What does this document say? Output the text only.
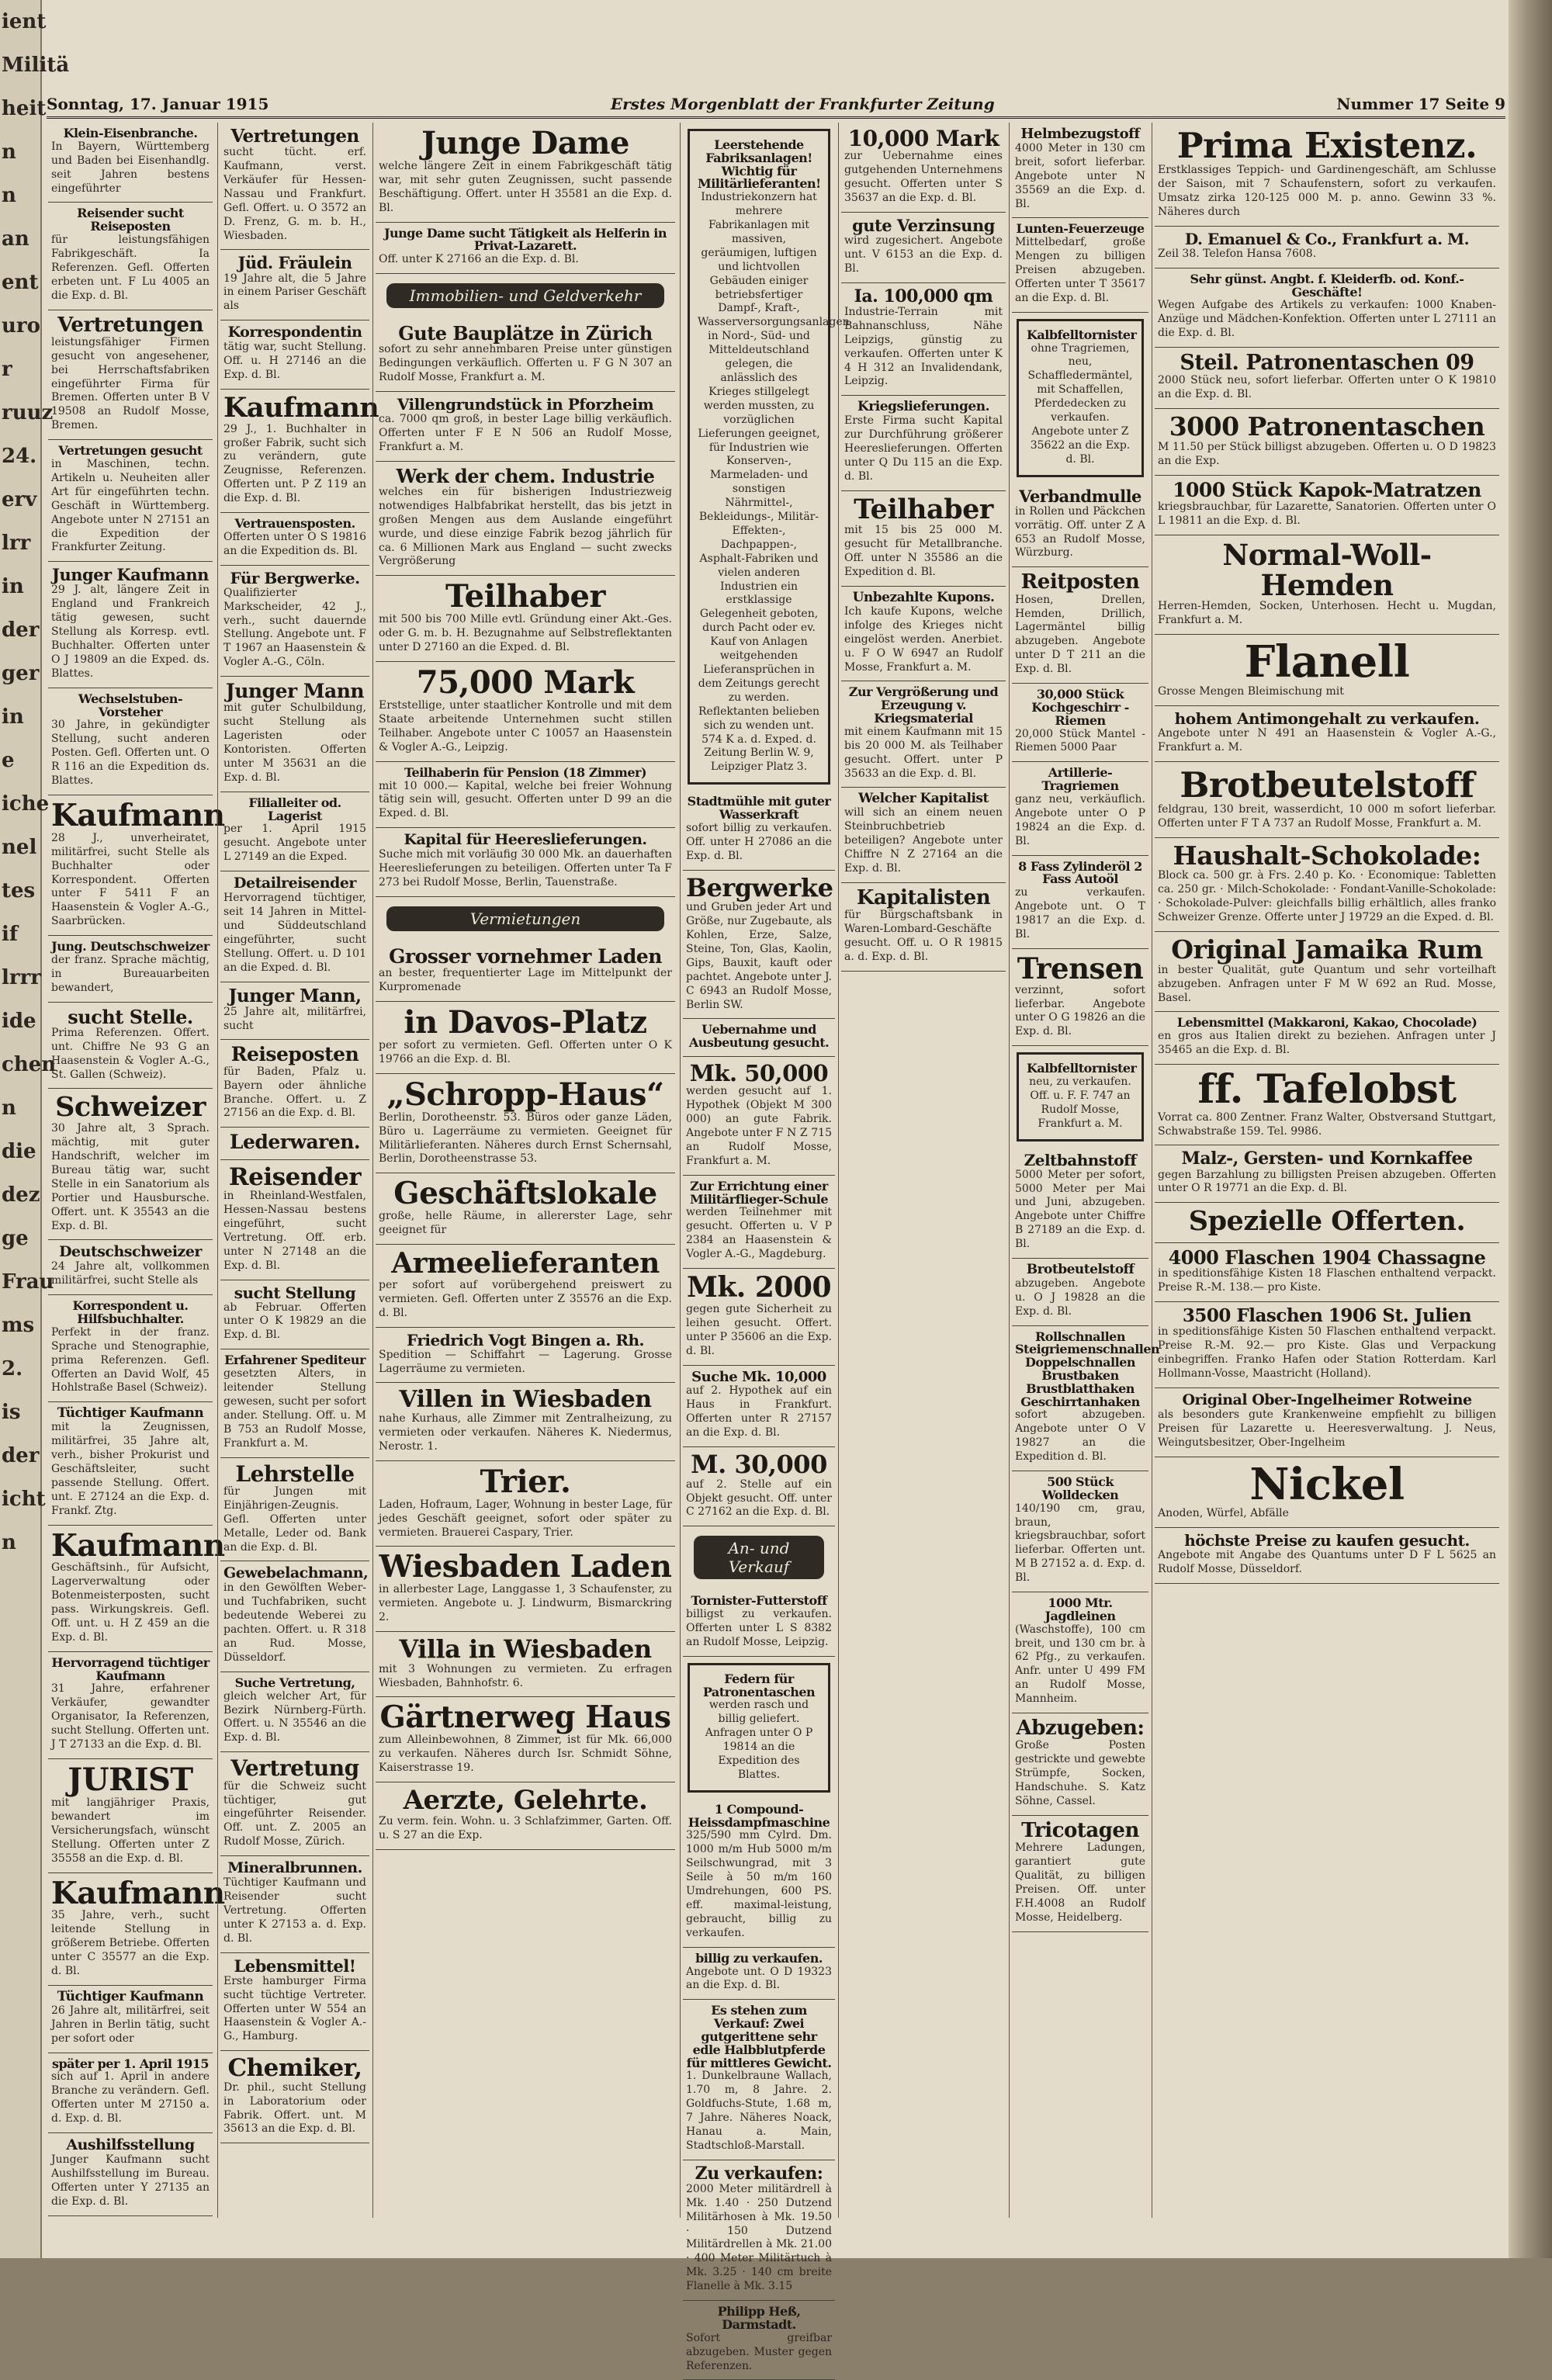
ient
Militä
heit
n
n
an
ent
uro
r
ruuz
24.
erv
lrr
in
der
ger
in
e
iche
nel
tes
if
lrrr
ide
chen
n
die
dez
ge
Frau
ms
2.
is
der
icht
n
Sonntag, 17. Januar 1915	Erstes Morgenblatt der Frankfurter Zeitung	Nummer 17 Seite 9
Klein-Eisenbranche.
In Bayern, Württemberg und Baden bei Eisenhandlg. seit Jahren bestens eingeführter
Reisender sucht Reiseposten
für leistungsfähigen Fabrikgeschäft. Ia Referenzen. Gefl. Offerten erbeten unt. F Lu 4005 an die Exp. d. Bl.
Vertretungen
leistungsfähiger Firmen gesucht von angesehener, bei Herrschaftsfabriken eingeführter Firma für Bremen. Offerten unter B V 19508 an Rudolf Mosse, Bremen.
Vertretungen gesucht
in Maschinen, techn. Artikeln u. Neuheiten aller Art für eingeführten techn. Geschäft in Württemberg. Angebote unter N 27151 an die Expedition der Frankfurter Zeitung.
Junger Kaufmann
29 J. alt, längere Zeit in England und Frankreich tätig gewesen, sucht Stellung als Korresp. evtl. Buchhalter. Offerten unter O J 19809 an die Exped. ds. Blattes.
Wechselstuben-Vorsteher
30 Jahre, in gekündigter Stellung, sucht anderen Posten. Gefl. Offerten unt. O R 116 an die Expedition ds. Blattes.
Kaufmann
28 J., unverheiratet, militärfrei, sucht Stelle als Buchhalter oder Korrespondent. Offerten unter F 5411 F an Haasenstein & Vogler A.-G., Saarbrücken.
Jung. Deutschschweizer
der franz. Sprache mächtig, in Bureauarbeiten bewandert,
sucht Stelle.
Prima Referenzen. Offert. unt. Chiffre Ne 93 G an Haasenstein & Vogler A.-G., St. Gallen (Schweiz).
Schweizer
30 Jahre alt, 3 Sprach. mächtig, mit guter Handschrift, welcher im Bureau tätig war, sucht Stelle in ein Sanatorium als Portier und Hausbursche. Offert. unt. K 35543 an die Exp. d. Bl.
Deutschschweizer
24 Jahre alt, vollkommen militärfrei, sucht Stelle als
Korrespondent u. Hilfsbuchhalter.
Perfekt in der franz. Sprache und Stenographie, prima Referenzen. Gefl. Offerten an David Wolf, 45 Hohlstraße Basel (Schweiz).
Tüchtiger Kaufmann
mit la Zeugnissen, militärfrei, 35 Jahre alt, verh., bisher Prokurist und Geschäftsleiter, sucht passende Stellung. Offert. unt. E 27124 an die Exp. d. Frankf. Ztg.
Kaufmann
Geschäftsinh., für Aufsicht, Lagerverwaltung oder Botenmeisterposten, sucht pass. Wirkungskreis. Gefl. Off. unt. u. H Z 459 an die Exp. d. Bl.
Hervorragend tüchtiger Kaufmann
31 Jahre, erfahrener Verkäufer, gewandter Organisator, Ia Referenzen, sucht Stellung. Offerten unt. J T 27133 an die Exp. d. Bl.
JURIST
mit langjähriger Praxis, bewandert im Versicherungsfach, wünscht Stellung. Offerten unter Z 35558 an die Exp. d. Bl.
Kaufmann
35 Jahre, verh., sucht leitende Stellung in größerem Betriebe. Offerten unter C 35577 an die Exp. d. Bl.
Tüchtiger Kaufmann
26 Jahre alt, militärfrei, seit Jahren in Berlin tätig, sucht per sofort oder
später per 1. April 1915
sich auf 1. April in andere Branche zu verändern. Gefl. Offerten unter M 27150 a. d. Exp. d. Bl.
Aushilfsstellung
Junger Kaufmann sucht Aushilfsstellung im Bureau. Offerten unter Y 27135 an die Exp. d. Bl.
Vertretungen
sucht tücht. erf. Kaufmann, verst. Verkäufer für Hessen-Nassau und Frankfurt. Gefl. Offert. u. O 3572 an D. Frenz, G. m. b. H., Wiesbaden.
Jüd. Fräulein
19 Jahre alt, die 5 Jahre in einem Pariser Geschäft als
Korrespondentin
tätig war, sucht Stellung. Off. u. H 27146 an die Exp. d. Bl.
Kaufmann
29 J., 1. Buchhalter in großer Fabrik, sucht sich zu verändern, gute Zeugnisse, Referenzen. Offerten unt. P Z 119 an die Exp. d. Bl.
Vertrauensposten.
Offerten unter O S 19816 an die Expedition ds. Bl.
Für Bergwerke.
Qualifizierter Markscheider, 42 J., verh., sucht dauernde Stellung. Angebote unt. F T 1967 an Haasenstein & Vogler A.-G., Cöln.
Junger Mann
mit guter Schulbildung, sucht Stellung als Lageristen oder Kontoristen. Offerten unter M 35631 an die Exp. d. Bl.
Filialleiter od. Lagerist
per 1. April 1915 gesucht. Angebote unter L 27149 an die Exped.
Detailreisender
Hervorragend tüchtiger, seit 14 Jahren in Mittel- und Süddeutschland eingeführter, sucht Stellung. Offert. u. D 101 an die Exped. d. Bl.
Junger Mann,
25 Jahre alt, militärfrei, sucht
Reiseposten
für Baden, Pfalz u. Bayern oder ähnliche Branche. Offert. u. Z 27156 an die Exp. d. Bl.
Lederwaren.
Reisender
in Rheinland-Westfalen, Hessen-Nassau bestens eingeführt, sucht Vertretung. Off. erb. unter N 27148 an die Exp. d. Bl.
sucht Stellung
ab Februar. Offerten unter O K 19829 an die Exp. d. Bl.
Erfahrener Spediteur
gesetzten Alters, in leitender Stellung gewesen, sucht per sofort ander. Stellung. Off. u. M B 753 an Rudolf Mosse, Frankfurt a. M.
Lehrstelle
für Jungen mit Einjährigen-Zeugnis. Gefl. Offerten unter Metalle, Leder od. Bank an die Exp. d. Bl.
Gewebelachmann,
in den Gewölften Weber- und Tuchfabriken, sucht bedeutende Weberei zu pachten. Offert. u. R 318 an Rud. Mosse, Düsseldorf.
Suche Vertretung,
gleich welcher Art, für Bezirk Nürnberg-Fürth. Offert. u. N 35546 an die Exp. d. Bl.
Vertretung
für die Schweiz sucht tüchtiger, gut eingeführter Reisender. Off. unt. Z. 2005 an Rudolf Mosse, Zürich.
Mineralbrunnen.
Tüchtiger Kaufmann und Reisender sucht Vertretung. Offerten unter K 27153 a. d. Exp. d. Bl.
Lebensmittel!
Erste hamburger Firma sucht tüchtige Vertreter. Offerten unter W 554 an Haasenstein & Vogler A.-G., Hamburg.
Chemiker,
Dr. phil., sucht Stellung in Laboratorium oder Fabrik. Offert. unt. M 35613 an die Exp. d. Bl.
Junge Dame
welche längere Zeit in einem Fabrikgeschäft tätig war, mit sehr guten Zeugnissen, sucht passende Beschäftigung. Offert. unter H 35581 an die Exp. d. Bl.
Junge Dame sucht Tätigkeit als Helferin in Privat-Lazarett.
Off. unter K 27166 an die Exp. d. Bl.
Immobilien- und Geldverkehr
Gute Bauplätze in Zürich
sofort zu sehr annehmbaren Preise unter günstigen Bedingungen verkäuflich. Offerten u. F G N 307 an Rudolf Mosse, Frankfurt a. M.
Villengrundstück in Pforzheim
ca. 7000 qm groß, in bester Lage billig verkäuflich. Offerten unter F E N 506 an Rudolf Mosse, Frankfurt a. M.
Werk der chem. Industrie
welches ein für bisherigen Industriezweig notwendiges Halbfabrikat herstellt, das bis jetzt in großen Mengen aus dem Auslande eingeführt wurde, und diese einzige Fabrik bezog jährlich für ca. 6 Millionen Mark aus England — sucht zwecks Vergrößerung
Teilhaber
mit 500 bis 700 Mille evtl. Gründung einer Akt.-Ges. oder G. m. b. H. Bezugnahme auf Selbstreflektanten unter D 27160 an die Exped. d. Bl.
75,000 Mark
Erststellige, unter staatlicher Kontrolle und mit dem Staate arbeitende Unternehmen sucht stillen Teilhaber. Angebote unter C 10057 an Haasenstein & Vogler A.-G., Leipzig.
Teilhaberin für Pension (18 Zimmer)
mit 10 000.— Kapital, welche bei freier Wohnung tätig sein will, gesucht. Offerten unter D 99 an die Exped. d. Bl.
Kapital für Heereslieferungen.
Suche mich mit vorläufig 30 000 Mk. an dauerhaften Heereslieferungen zu beteiligen. Offerten unter Ta F 273 bei Rudolf Mosse, Berlin, Tauenstraße.
Vermietungen
Grosser vornehmer Laden
an bester, frequentierter Lage im Mittelpunkt der Kurpromenade
in Davos-Platz
per sofort zu vermieten. Gefl. Offerten unter O K 19766 an die Exp. d. Bl.
„Schropp-Haus“
Berlin, Dorotheenstr. 53. Büros oder ganze Läden, Büro u. Lagerräume zu vermieten. Geeignet für Militärlieferanten. Näheres durch Ernst Schernsahl, Berlin, Dorotheenstrasse 53.
Geschäftslokale
große, helle Räume, in allererster Lage, sehr geeignet für
Armeelieferanten
per sofort auf vorübergehend preiswert zu vermieten. Gefl. Offerten unter Z 35576 an die Exp. d. Bl.
Friedrich Vogt Bingen a. Rh.
Spedition — Schiffahrt — Lagerung. Grosse Lagerräume zu vermieten.
Villen in Wiesbaden
nahe Kurhaus, alle Zimmer mit Zentralheizung, zu vermieten oder verkaufen. Näheres K. Niedermus, Nerostr. 1.
Trier.
Laden, Hofraum, Lager, Wohnung in bester Lage, für jedes Geschäft geeignet, sofort oder später zu vermieten. Brauerei Caspary, Trier.
Wiesbaden Laden
in allerbester Lage, Langgasse 1, 3 Schaufenster, zu vermieten. Angebote u. J. Lindwurm, Bismarckring 2.
Villa in Wiesbaden
mit 3 Wohnungen zu vermieten. Zu erfragen Wiesbaden, Bahnhofstr. 6.
Gärtnerweg Haus
zum Alleinbewohnen, 8 Zimmer, ist für Mk. 66,000 zu verkaufen. Näheres durch Isr. Schmidt Söhne, Kaiserstrasse 19.
Aerzte, Gelehrte.
Zu verm. fein. Wohn. u. 3 Schlafzimmer, Garten. Off. u. S 27 an die Exp.
Leerstehende Fabriksanlagen! Wichtig für Militärlieferanten!
Industriekonzern hat mehrere Fabrikanlagen mit massiven, geräumigen, luftigen und lichtvollen Gebäuden einiger betriebsfertiger Dampf-, Kraft-, Wasserversorgungsanlagen in Nord-, Süd- und Mitteldeutschland gelegen, die anlässlich des Krieges stillgelegt werden mussten, zu vorzüglichen Lieferungen geeignet, für Industrien wie Konserven-, Marmeladen- und sonstigen Nährmittel-, Bekleidungs-, Militär-Effekten-, Dachpappen-, Asphalt-Fabriken und vielen anderen Industrien ein erstklassige Gelegenheit geboten, durch Pacht oder ev. Kauf von Anlagen weitgehenden Lieferansprüchen in dem Zeitungs gerecht zu werden. Reflektanten belieben sich zu wenden unt. 574 K a. d. Exped. d. Zeitung Berlin W. 9, Leipziger Platz 3.
Stadtmühle mit guter Wasserkraft
sofort billig zu verkaufen. Off. unter H 27086 an die Exp. d. Bl.
Bergwerke
und Gruben jeder Art und Größe, nur Zugebaute, als Kohlen, Erze, Salze, Steine, Ton, Glas, Kaolin, Gips, Bauxit, kauft oder pachtet. Angebote unter J. C 6943 an Rudolf Mosse, Berlin SW.
Uebernahme und Ausbeutung gesucht.
Mk. 50,000
werden gesucht auf 1. Hypothek (Objekt M 300 000) an gute Fabrik. Angebote unter F N Z 715 an Rudolf Mosse, Frankfurt a. M.
Zur Errichtung einer Militärflieger-Schule
werden Teilnehmer mit gesucht. Offerten u. V P 2384 an Haasenstein & Vogler A.-G., Magdeburg.
Mk. 2000
gegen gute Sicherheit zu leihen gesucht. Offert. unter P 35606 an die Exp. d. Bl.
Suche Mk. 10,000
auf 2. Hypothek auf ein Haus in Frankfurt. Offerten unter R 27157 an die Exp. d. Bl.
M. 30,000
auf 2. Stelle auf ein Objekt gesucht. Off. unter C 27162 an die Exp. d. Bl.
An- und Verkauf
Tornister-Futterstoff
billigst zu verkaufen. Offerten unter L S 8382 an Rudolf Mosse, Leipzig.
Federn für Patronentaschen
werden rasch und billig geliefert. Anfragen unter O P 19814 an die Expedition des Blattes.
1 Compound-Heissdampfmaschine
325/590 mm Cylrd. Dm. 1000 m/m Hub 5000 m/m Seilschwungrad, mit 3 Seile à 50 m/m 160 Umdrehungen, 600 PS. eff. maximal-leistung, gebraucht, billig zu verkaufen.
billig zu verkaufen.
Angebote unt. O D 19323 an die Exp. d. Bl.
Es stehen zum Verkauf: Zwei gutgerittene sehr edle Halbblutpferde für mittleres Gewicht.
1. Dunkelbraune Wallach, 1.70 m, 8 Jahre. 2. Goldfuchs-Stute, 1.68 m, 7 Jahre. Näheres Noack, Hanau a. Main, Stadtschloß-Marstall.
Zu verkaufen:
2000 Meter militärdrell à Mk. 1.40 · 250 Dutzend Militärhosen à Mk. 19.50 · 150 Dutzend Militärdrellen à Mk. 21.00 · 400 Meter Militärtuch à Mk. 3.25 · 140 cm breite Flanelle à Mk. 3.15
Philipp Heß, Darmstadt.
Sofort greifbar abzugeben. Muster gegen Referenzen.
10,000 Mark
zur Uebernahme eines gutgehenden Unternehmens gesucht. Offerten unter S 35637 an die Exp. d. Bl.
gute Verzinsung
wird zugesichert. Angebote unt. V 6153 an die Exp. d. Bl.
Ia. 100,000 qm
Industrie-Terrain mit Bahnanschluss, Nähe Leipzigs, günstig zu verkaufen. Offerten unter K 4 H 312 an Invalidendank, Leipzig.
Kriegslieferungen.
Erste Firma sucht Kapital zur Durchführung größerer Heereslieferungen. Offerten unter Q Du 115 an die Exp. d. Bl.
Teilhaber
mit 15 bis 25 000 M. gesucht für Metallbranche. Off. unter N 35586 an die Expedition d. Bl.
Unbezahlte Kupons.
Ich kaufe Kupons, welche infolge des Krieges nicht eingelöst werden. Anerbiet. u. F O W 6947 an Rudolf Mosse, Frankfurt a. M.
Zur Vergrößerung und Erzeugung v. Kriegsmaterial
mit einem Kaufmann mit 15 bis 20 000 M. als Teilhaber gesucht. Offert. unter P 35633 an die Exp. d. Bl.
Welcher Kapitalist
will sich an einem neuen Steinbruchbetrieb beteiligen? Angebote unter Chiffre N Z 27164 an die Exp. d. Bl.
Kapitalisten
für Bürgschaftsbank in Waren-Lombard-Geschäfte gesucht. Off. u. O R 19815 a. d. Exp. d. Bl.
Helmbezugstoff
4000 Meter in 130 cm breit, sofort lieferbar. Angebote unter N 35569 an die Exp. d. Bl.
Lunten-Feuerzeuge
Mittelbedarf, große Mengen zu billigen Preisen abzugeben. Offerten unter T 35617 an die Exp. d. Bl.
Kalbfelltornister
ohne Tragriemen, neu, Schaffledermäntel, mit Schaffellen, Pferdedecken zu verkaufen. Angebote unter Z 35622 an die Exp. d. Bl.
Verbandmulle
in Rollen und Päckchen vorrätig. Off. unter Z A 653 an Rudolf Mosse, Würzburg.
Reitposten
Hosen, Drellen, Hemden, Drillich, Lagermäntel billig abzugeben. Angebote unter D T 211 an die Exp. d. Bl.
30,000 Stück Kochgeschirr - Riemen
20,000 Stück Mantel - Riemen 5000 Paar
Artillerie-Tragriemen
ganz neu, verkäuflich. Angebote unter O P 19824 an die Exp. d. Bl.
8 Fass Zylinderöl 2 Fass Autoöl
zu verkaufen. Angebote unt. O T 19817 an die Exp. d. Bl.
Trensen
verzinnt, sofort lieferbar. Angebote unter O G 19826 an die Exp. d. Bl.
Kalbfelltornister
neu, zu verkaufen. Off. u. F. F. 747 an Rudolf Mosse, Frankfurt a. M.
Zeltbahnstoff
5000 Meter per sofort, 5000 Meter per Mai und Juni, abzugeben. Angebote unter Chiffre B 27189 an die Exp. d. Bl.
Brotbeutelstoff
abzugeben. Angebote u. O J 19828 an die Exp. d. Bl.
Rollschnallen Steigriemenschnallen Doppelschnallen Brustbaken Brustblatthaken Geschirrtanhaken
sofort abzugeben. Angebote unter O V 19827 an die Expedition d. Bl.
500 Stück Wolldecken
140/190 cm, grau, braun, kriegsbrauchbar, sofort lieferbar. Offerten unt. M B 27152 a. d. Exp. d. Bl.
1000 Mtr. Jagdleinen
(Waschstoffe), 100 cm breit, und 130 cm br. à 62 Pfg., zu verkaufen. Anfr. unter U 499 FM an Rudolf Mosse, Mannheim.
Abzugeben:
Große Posten gestrickte und gewebte Strümpfe, Socken, Handschuhe. S. Katz Söhne, Cassel.
Tricotagen
Mehrere Ladungen, garantiert gute Qualität, zu billigen Preisen. Off. unter F.H.4008 an Rudolf Mosse, Heidelberg.
Prima Existenz.
Erstklassiges Teppich- und Gardinengeschäft, am Schlusse der Saison, mit 7 Schaufenstern, sofort zu verkaufen. Umsatz zirka 120-125 000 M. p. anno. Gewinn 33 %. Näheres durch
D. Emanuel & Co., Frankfurt a. M.
Zeil 38. Telefon Hansa 7608.
Sehr günst. Angbt. f. Kleiderfb. od. Konf.-Geschäfte!
Wegen Aufgabe des Artikels zu verkaufen: 1000 Knaben-Anzüge und Mädchen-Konfektion. Offerten unter L 27111 an die Exp. d. Bl.
Steil. Patronentaschen 09
2000 Stück neu, sofort lieferbar. Offerten unter O K 19810 an die Exp. d. Bl.
3000 Patronentaschen
M 11.50 per Stück billigst abzugeben. Offerten u. O D 19823 an die Exp.
1000 Stück Kapok-Matratzen
kriegsbrauchbar, für Lazarette, Sanatorien. Offerten unter O L 19811 an die Exp. d. Bl.
Normal-Woll-Hemden
Herren-Hemden, Socken, Unterhosen. Hecht u. Mugdan, Frankfurt a. M.
Flanell
Grosse Mengen Bleimischung mit
hohem Antimongehalt zu verkaufen.
Angebote unter N 491 an Haasenstein & Vogler A.-G., Frankfurt a. M.
Brotbeutelstoff
feldgrau, 130 breit, wasserdicht, 10 000 m sofort lieferbar. Offerten unter F T A 737 an Rudolf Mosse, Frankfurt a. M.
Haushalt-Schokolade:
Block ca. 500 gr. à Frs. 2.40 p. Ko. · Economique: Tabletten ca. 250 gr. · Milch-Schokolade: · Fondant-Vanille-Schokolade: · Schokolade-Pulver: gleichfalls billig erhältlich, alles franko Schweizer Grenze. Offerte unter J 19729 an die Exped. d. Bl.
Original Jamaika Rum
in bester Qualität, gute Quantum und sehr vorteilhaft abzugeben. Anfragen unter F M W 692 an Rud. Mosse, Basel.
Lebensmittel (Makkaroni, Kakao, Chocolade)
en gros aus Italien direkt zu beziehen. Anfragen unter J 35465 an die Exp. d. Bl.
ff. Tafelobst
Vorrat ca. 800 Zentner. Franz Walter, Obstversand Stuttgart, Schwabstraße 159. Tel. 9986.
Malz-, Gersten- und Kornkaffee
gegen Barzahlung zu billigsten Preisen abzugeben. Offerten unter O R 19771 an die Exp. d. Bl.
Spezielle Offerten.
4000 Flaschen 1904 Chassagne
in speditionsfähige Kisten 18 Flaschen enthaltend verpackt. Preise R.-M. 138.— pro Kiste.
3500 Flaschen 1906 St. Julien
in speditionsfähige Kisten 50 Flaschen enthaltend verpackt. Preise R.-M. 92.— pro Kiste. Glas und Verpackung einbegriffen. Franko Hafen oder Station Rotterdam. Karl Hollmann-Vosse, Maastricht (Holland).
Original Ober-Ingelheimer Rotweine
als besonders gute Krankenweine empfiehlt zu billigen Preisen für Lazarette u. Heeresverwaltung. J. Neus, Weingutsbesitzer, Ober-Ingelheim
Nickel
Anoden, Würfel, Abfälle
höchste Preise zu kaufen gesucht.
Angebote mit Angabe des Quantums unter D F L 5625 an Rudolf Mosse, Düsseldorf.
